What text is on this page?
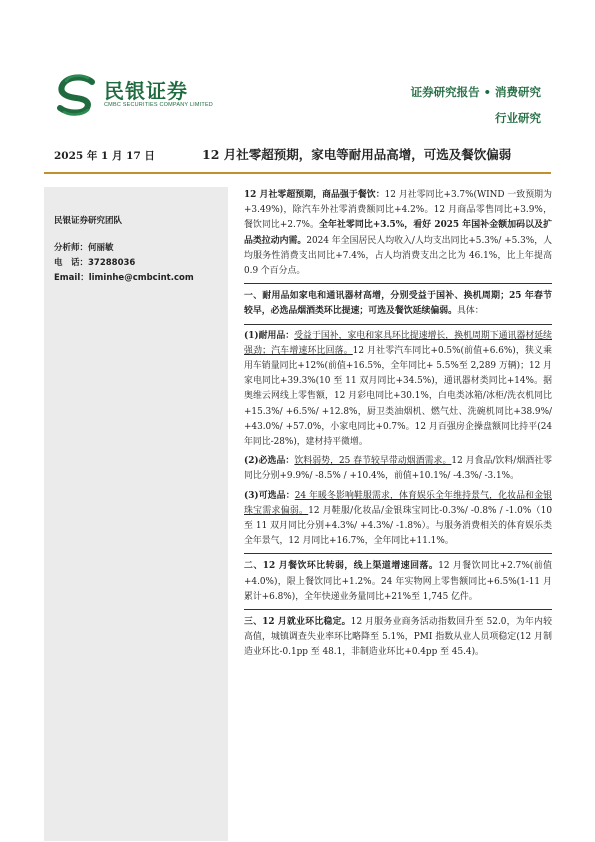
民银证券
CMBC SECURITIES COMPANY LIMITED
证券研究报告 • 消费研究
行业研究
2025 年 1 月 17 日	12 月社零超预期，家电等耐用品高增，可选及餐饮偏弱
民银证券研究团队
分析师：何丽敏
电　话：37288036
Email：liminhe@cmbcint.com

12 月社零超预期，商品强于餐饮：12 月社零同比+3.7%(WIND 一致预期为+3.49%)，除汽车外社零消费额同比+4.2%。12 月商品零售同比+3.9%，餐饮同比+2.7%。全年社零同比+3.5%，看好 2025 年国补金额加码以及扩品类拉动内需。2024 年全国居民人均收入/人均支出同比+5.3%/ +5.3%，人均服务性消费支出同比+7.4%，占人均消费支出之比为 46.1%，比上年提高 0.9 个百分点。

一、耐用品如家电和通讯器材高增，分别受益于国补、换机周期；25 年春节较早，必选品烟酒类环比提速；可选及餐饮延续偏弱。具体：

(1)耐用品：受益于国补，家电和家具环比提速增长，换机周期下通讯器材延续强劲；汽车增速环比回落。12 月社零汽车同比+0.5%(前值+6.6%)，狭义乘用车销量同比+12%(前值+16.5%，全年同比+ 5.5%至 2,289 万辆)；12 月家电同比+39.3%(10 至 11 双月同比+34.5%)，通讯器材类同比+14%。据奥维云网线上零售额，12 月彩电同比+30.1%，白电类冰箱/冰柜/洗衣机同比+15.3%/ +6.5%/ +12.8%，厨卫类油烟机、燃气灶、洗碗机同比+38.9%/ +43.0%/ +57.0%，小家电同比+0.7%。12 月百强房企操盘额同比持平(24 年同比-28%)，建材持平微增。

(2)必选品：饮料弱势，25 春节较早带动烟酒需求。12 月食品/饮料/烟酒社零同比分别+9.9%/ -8.5% / +10.4%，前值+10.1%/ -4.3%/ -3.1%。

(3)可选品：24 年暖冬影响鞋服需求，体育娱乐全年维持景气，化妆品和金银珠宝需求偏弱。12 月鞋服/化妆品/金银珠宝同比-0.3%/ -0.8% / -1.0%（10 至 11 双月同比分别+4.3%/ +4.3%/ -1.8%）。与服务消费相关的体育娱乐类全年景气，12 月同比+16.7%，全年同比+11.1%。

二、12 月餐饮环比转弱，线上渠道增速回落。12 月餐饮同比+2.7%(前值+4.0%)，限上餐饮同比+1.2%。24 年实物网上零售额同比+6.5%(1-11 月累计+6.8%)，全年快递业务量同比+21%至 1,745 亿件。

三、12 月就业环比稳定。12 月服务业商务活动指数回升至 52.0，为年内较高值，城镇调查失业率环比略降至 5.1%，PMI 指数从业人员项稳定(12 月制造业环比-0.1pp 至 48.1，非制造业环比+0.4pp 至 45.4)。
